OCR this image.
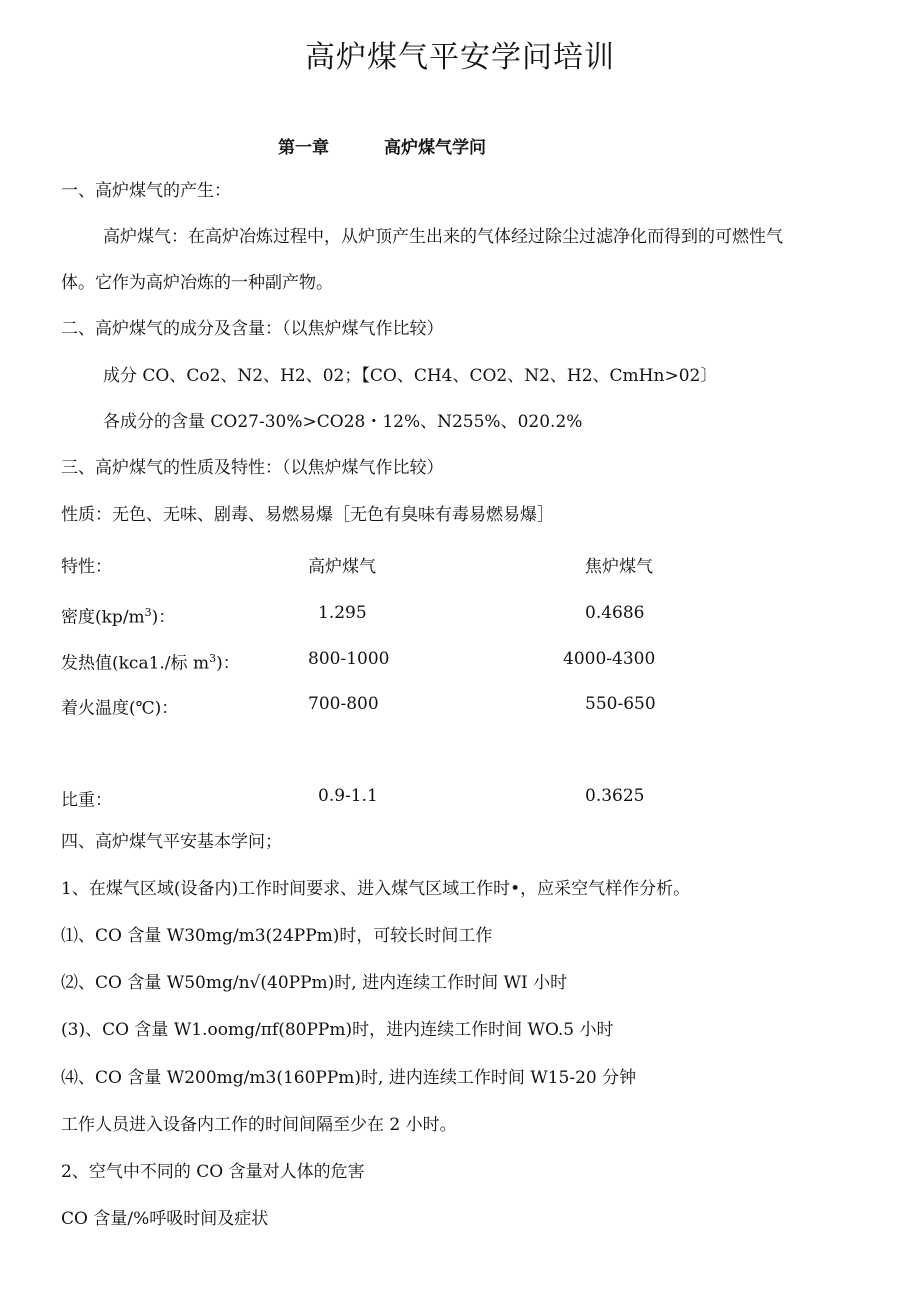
高炉煤气平安学问培训
第一章	高炉煤气学问
一、高炉煤气的产生：
高炉煤气：在高炉冶炼过程中，从炉顶产生出来的气体经过除尘过滤净化而得到的可燃性气
体。它作为高炉冶炼的一种副产物。
二、高炉煤气的成分及含量：（以焦炉煤气作比较）
成分 CO、Co2、N2、H2、02；【CO、CH4、CO2、N2、H2、CmHn>02〕
各成分的含量 CO27-30%>CO28・12%、N255%、020.2%
三、高炉煤气的性质及特性：（以焦炉煤气作比较）
性质：无色、无味、剧毒、易燃易爆［无色有臭味有毒易燃易爆］
特性：	高炉煤气	焦炉煤气
密度$(kp/m^3)$：	1.295	0.4686
发热值(kca1./标 $m^3$)：	800-1000	4000-4300
着火温度(℃)：	700-800	550-650
比重：	0.9-1.1	0.3625
四、高炉煤气平安基本学问；
1、在煤气区域(设备内)工作时间要求、进入煤气区域工作时•，应采空气样作分析。
⑴、CO 含量 W30mg/m3(24PPm)时，可较长时间工作
⑵、CO 含量 W50mg/n√(40PPm)时, 进内连续工作时间 WI 小时
(3)、CO 含量 W1.oomg/πf(80PPm)时，进内连续工作时间 WO.5 小时
⑷、CO 含量 W200mg/m3(160PPm)时, 进内连续工作时间 W15-20 分钟
工作人员进入设备内工作的时间间隔至少在 2 小时。
2、空气中不同的 CO 含量对人体的危害
CO 含量/%呼吸时间及症状
